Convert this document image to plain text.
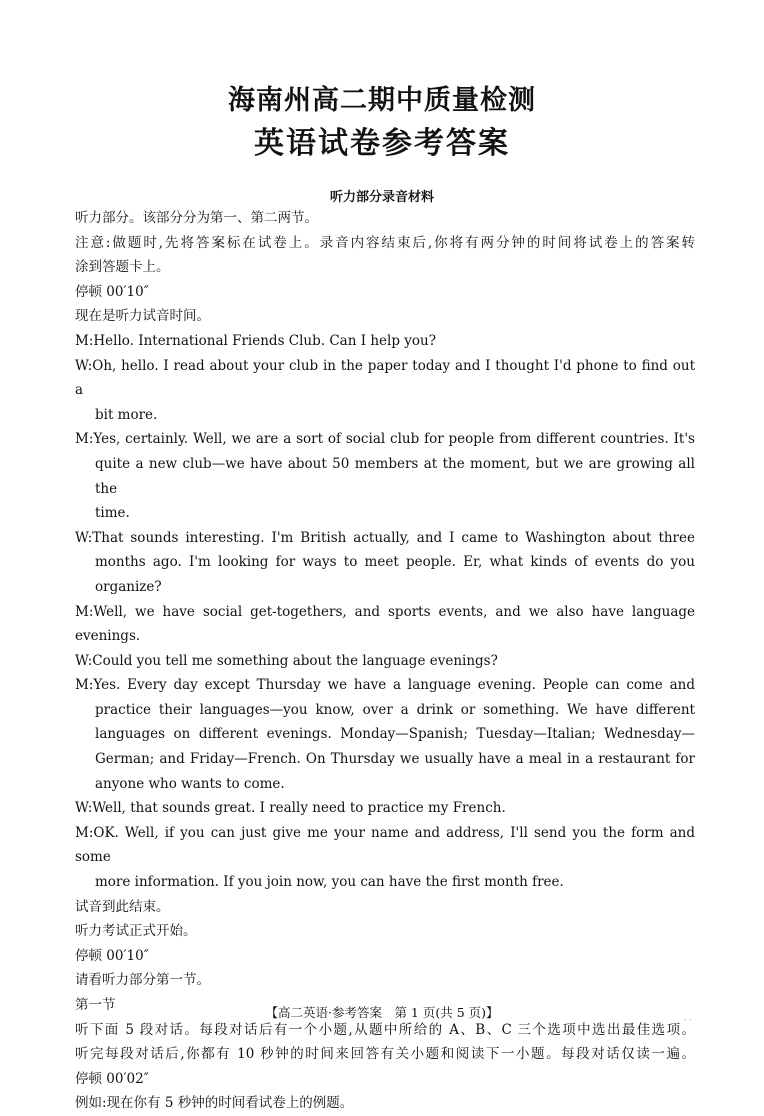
海南州高二期中质量检测
英语试卷参考答案
听力部分录音材料
听力部分。该部分分为第一、第二两节。
注意:做题时,先将答案标在试卷上。录音内容结束后,你将有两分钟的时间将试卷上的答案转
涂到答题卡上。
停顿 00′10″
现在是听力试音时间。
M:Hello. International Friends Club. Can I help you?
W:Oh, hello. I read about your club in the paper today and I thought I'd phone to find out a
bit more.
M:Yes, certainly. Well, we are a sort of social club for people from different countries. It's
quite a new club—we have about 50 members at the moment, but we are growing all the
time.
W:That sounds interesting. I'm British actually, and I came to Washington about three
months ago. I'm looking for ways to meet people. Er, what kinds of events do you organize?
M:Well, we have social get-togethers, and sports events, and we also have language evenings.
W:Could you tell me something about the language evenings?
M:Yes. Every day except Thursday we have a language evening. People can come and
practice their languages—you know, over a drink or something. We have different
languages on different evenings. Monday—Spanish; Tuesday—Italian; Wednesday—
German; and Friday—French. On Thursday we usually have a meal in a restaurant for
anyone who wants to come.
W:Well, that sounds great. I really need to practice my French.
M:OK. Well, if you can just give me your name and address, I'll send you the form and some
more information. If you join now, you can have the first month free.
试音到此结束。
听力考试正式开始。
停顿 00′10″
请看听力部分第一节。
第一节
听下面 5 段对话。每段对话后有一个小题,从题中所给的 A、B、C 三个选项中选出最佳选项。
听完每段对话后,你都有 10 秒钟的时间来回答有关小题和阅读下一小题。每段对话仅读一遍。
停顿 00′02″
例如:现在你有 5 秒钟的时间看试卷上的例题。
【高二英语·参考答案　第 1 页(共 5 页)】	. .
